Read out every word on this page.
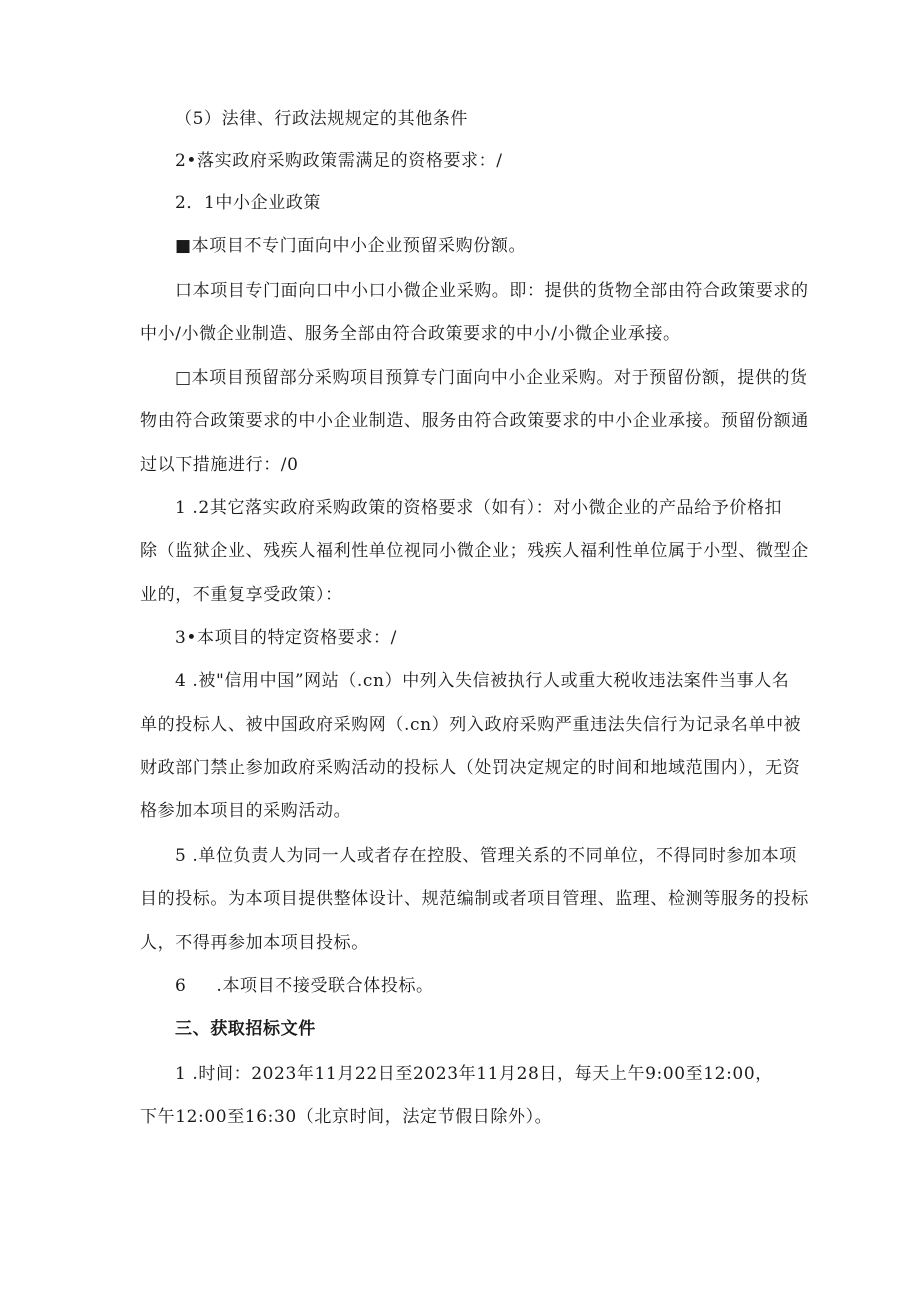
（5）法律、行政法规规定的其他条件
2•落实政府采购政策需满足的资格要求：/
2．1中小企业政策
■本项目不专门面向中小企业预留采购份额。
口本项目专门面向口中小口小微企业采购。即：提供的货物全部由符合政策要求的
中小/小微企业制造、服务全部由符合政策要求的中小/小微企业承接。
□本项目预留部分采购项目预算专门面向中小企业采购。对于预留份额，提供的货
物由符合政策要求的中小企业制造、服务由符合政策要求的中小企业承接。预留份额通
过以下措施进行：/0
1 .2其它落实政府采购政策的资格要求（如有）：对小微企业的产品给予价格扣
除（监狱企业、残疾人福利性单位视同小微企业；残疾人福利性单位属于小型、微型企
业的，不重复享受政策）：
3•本项目的特定资格要求：/
4 .被"信用中国”网站（.cn）中列入失信被执行人或重大税收违法案件当事人名
单的投标人、被中国政府采购网（.cn）列入政府采购严重违法失信行为记录名单中被
财政部门禁止参加政府采购活动的投标人（处罚决定规定的时间和地域范围内），无资
格参加本项目的采购活动。
5 .单位负责人为同一人或者存在控股、管理关系的不同单位，不得同时参加本项
目的投标。为本项目提供整体设计、规范编制或者项目管理、监理、检测等服务的投标
人，不得再参加本项目投标。
6     .本项目不接受联合体投标。
三、获取招标文件
1 .时间：2023年11月22日至2023年11月28日，每天上午9:00至12:00，
下午12:00至16:30（北京时间，法定节假日除外）。
